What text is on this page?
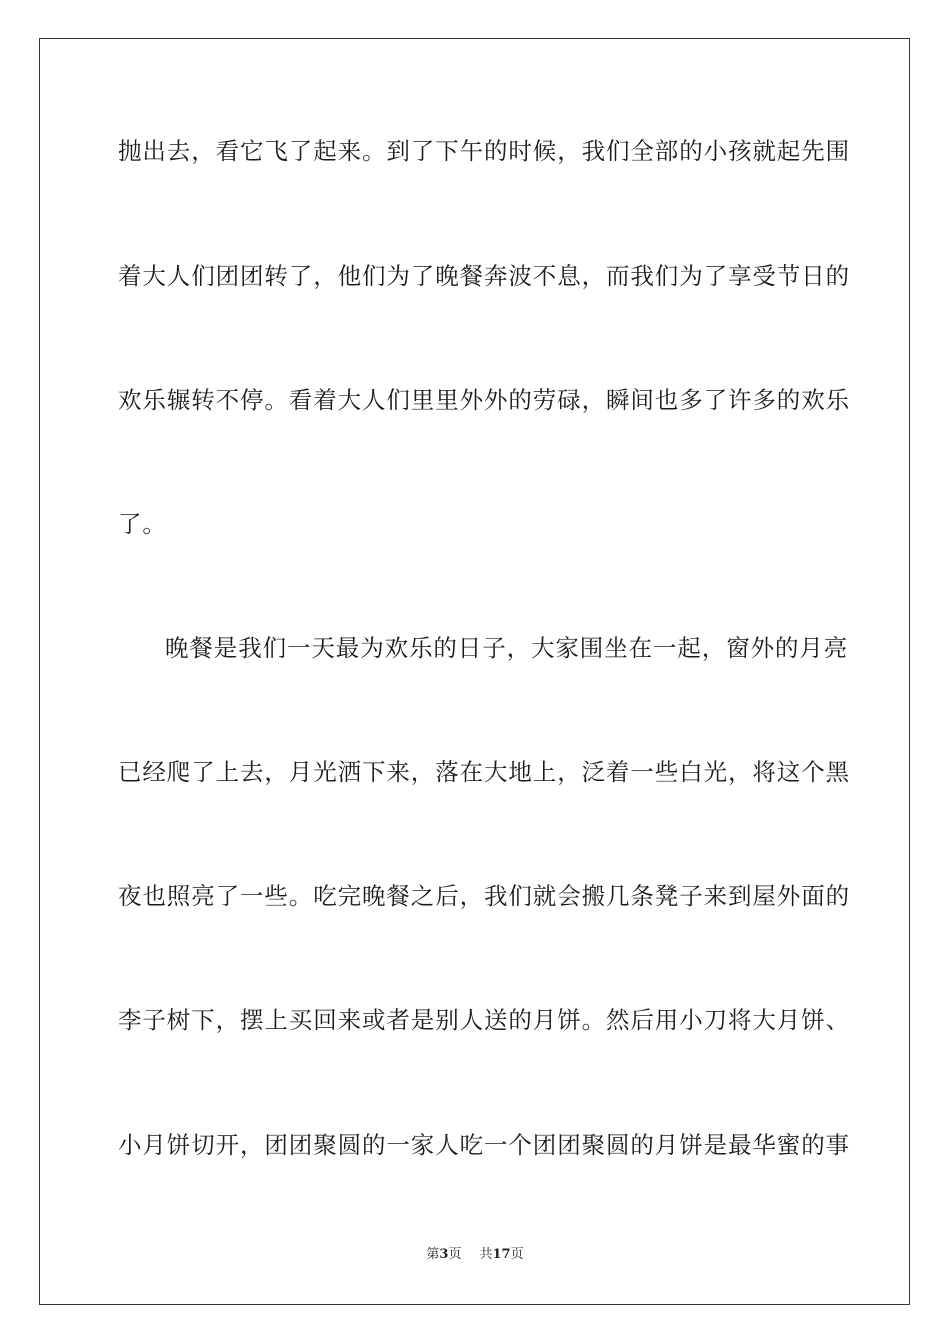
抛出去，看它飞了起来。到了下午的时候，我们全部的小孩就起先围
着大人们团团转了，他们为了晚餐奔波不息，而我们为了享受节日的
欢乐辗转不停。看着大人们里里外外的劳碌，瞬间也多了许多的欢乐
了。
晚餐是我们一天最为欢乐的日子，大家围坐在一起，窗外的月亮
已经爬了上去，月光洒下来，落在大地上，泛着一些白光，将这个黑
夜也照亮了一些。吃完晚餐之后，我们就会搬几条凳子来到屋外面的
李子树下，摆上买回来或者是别人送的月饼。然后用小刀将大月饼、
小月饼切开，团团聚圆的一家人吃一个团团聚圆的月饼是最华蜜的事
第3页 共17页
